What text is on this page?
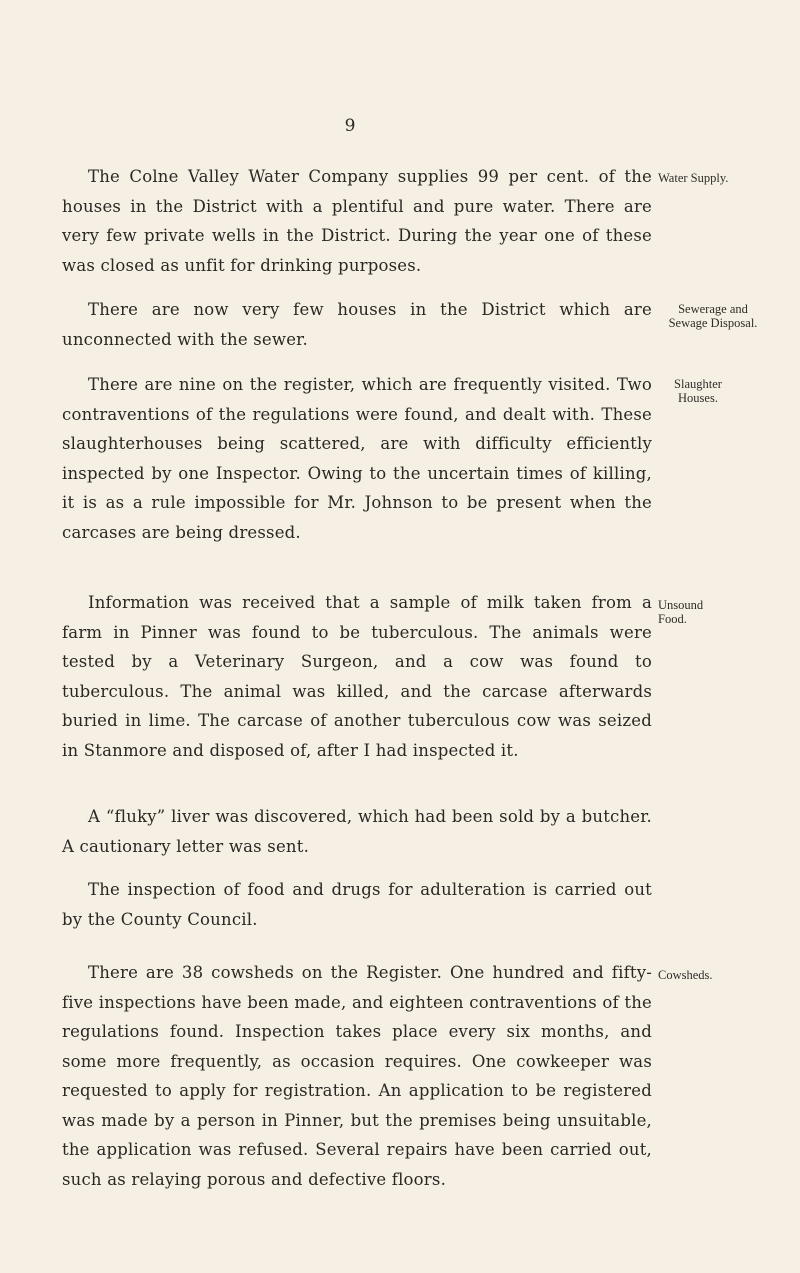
9

The Colne Valley Water Company supplies 99 per cent. of the houses in the District with a plentiful and pure water. There are very few private wells in the District. During the year one of these was closed as unfit for drinking purposes.

Water Supply.

There are now very few houses in the District which are unconnected with the sewer.

Sewerage and Sewage Disposal.

There are nine on the register, which are frequently visited. Two contraventions of the regulations were found, and dealt with. These slaughterhouses being scattered, are with difficulty efficiently inspected by one Inspector. Owing to the uncertain times of killing, it is as a rule impossible for Mr. Johnson to be present when the carcases are being dressed.

Slaughter Houses.

Information was received that a sample of milk taken from a farm in Pinner was found to be tuberculous. The animals were tested by a Veterinary Surgeon, and a cow was found to tuberculous. The animal was killed, and the carcase afterwards buried in lime. The carcase of another tuberculous cow was seized in Stanmore and disposed of, after I had inspected it.

Unsound Food.

A “fluky” liver was discovered, which had been sold by a butcher. A cautionary letter was sent.

The inspection of food and drugs for adulteration is carried out by the County Council.

There are 38 cowsheds on the Register. One hundred and fifty-five inspections have been made, and eighteen contraventions of the regulations found. Inspection takes place every six months, and some more frequently, as occasion requires. One cowkeeper was requested to apply for registration. An application to be registered was made by a person in Pinner, but the premises being unsuitable, the application was refused. Several repairs have been carried out, such as relaying porous and defective floors.

Cowsheds.
